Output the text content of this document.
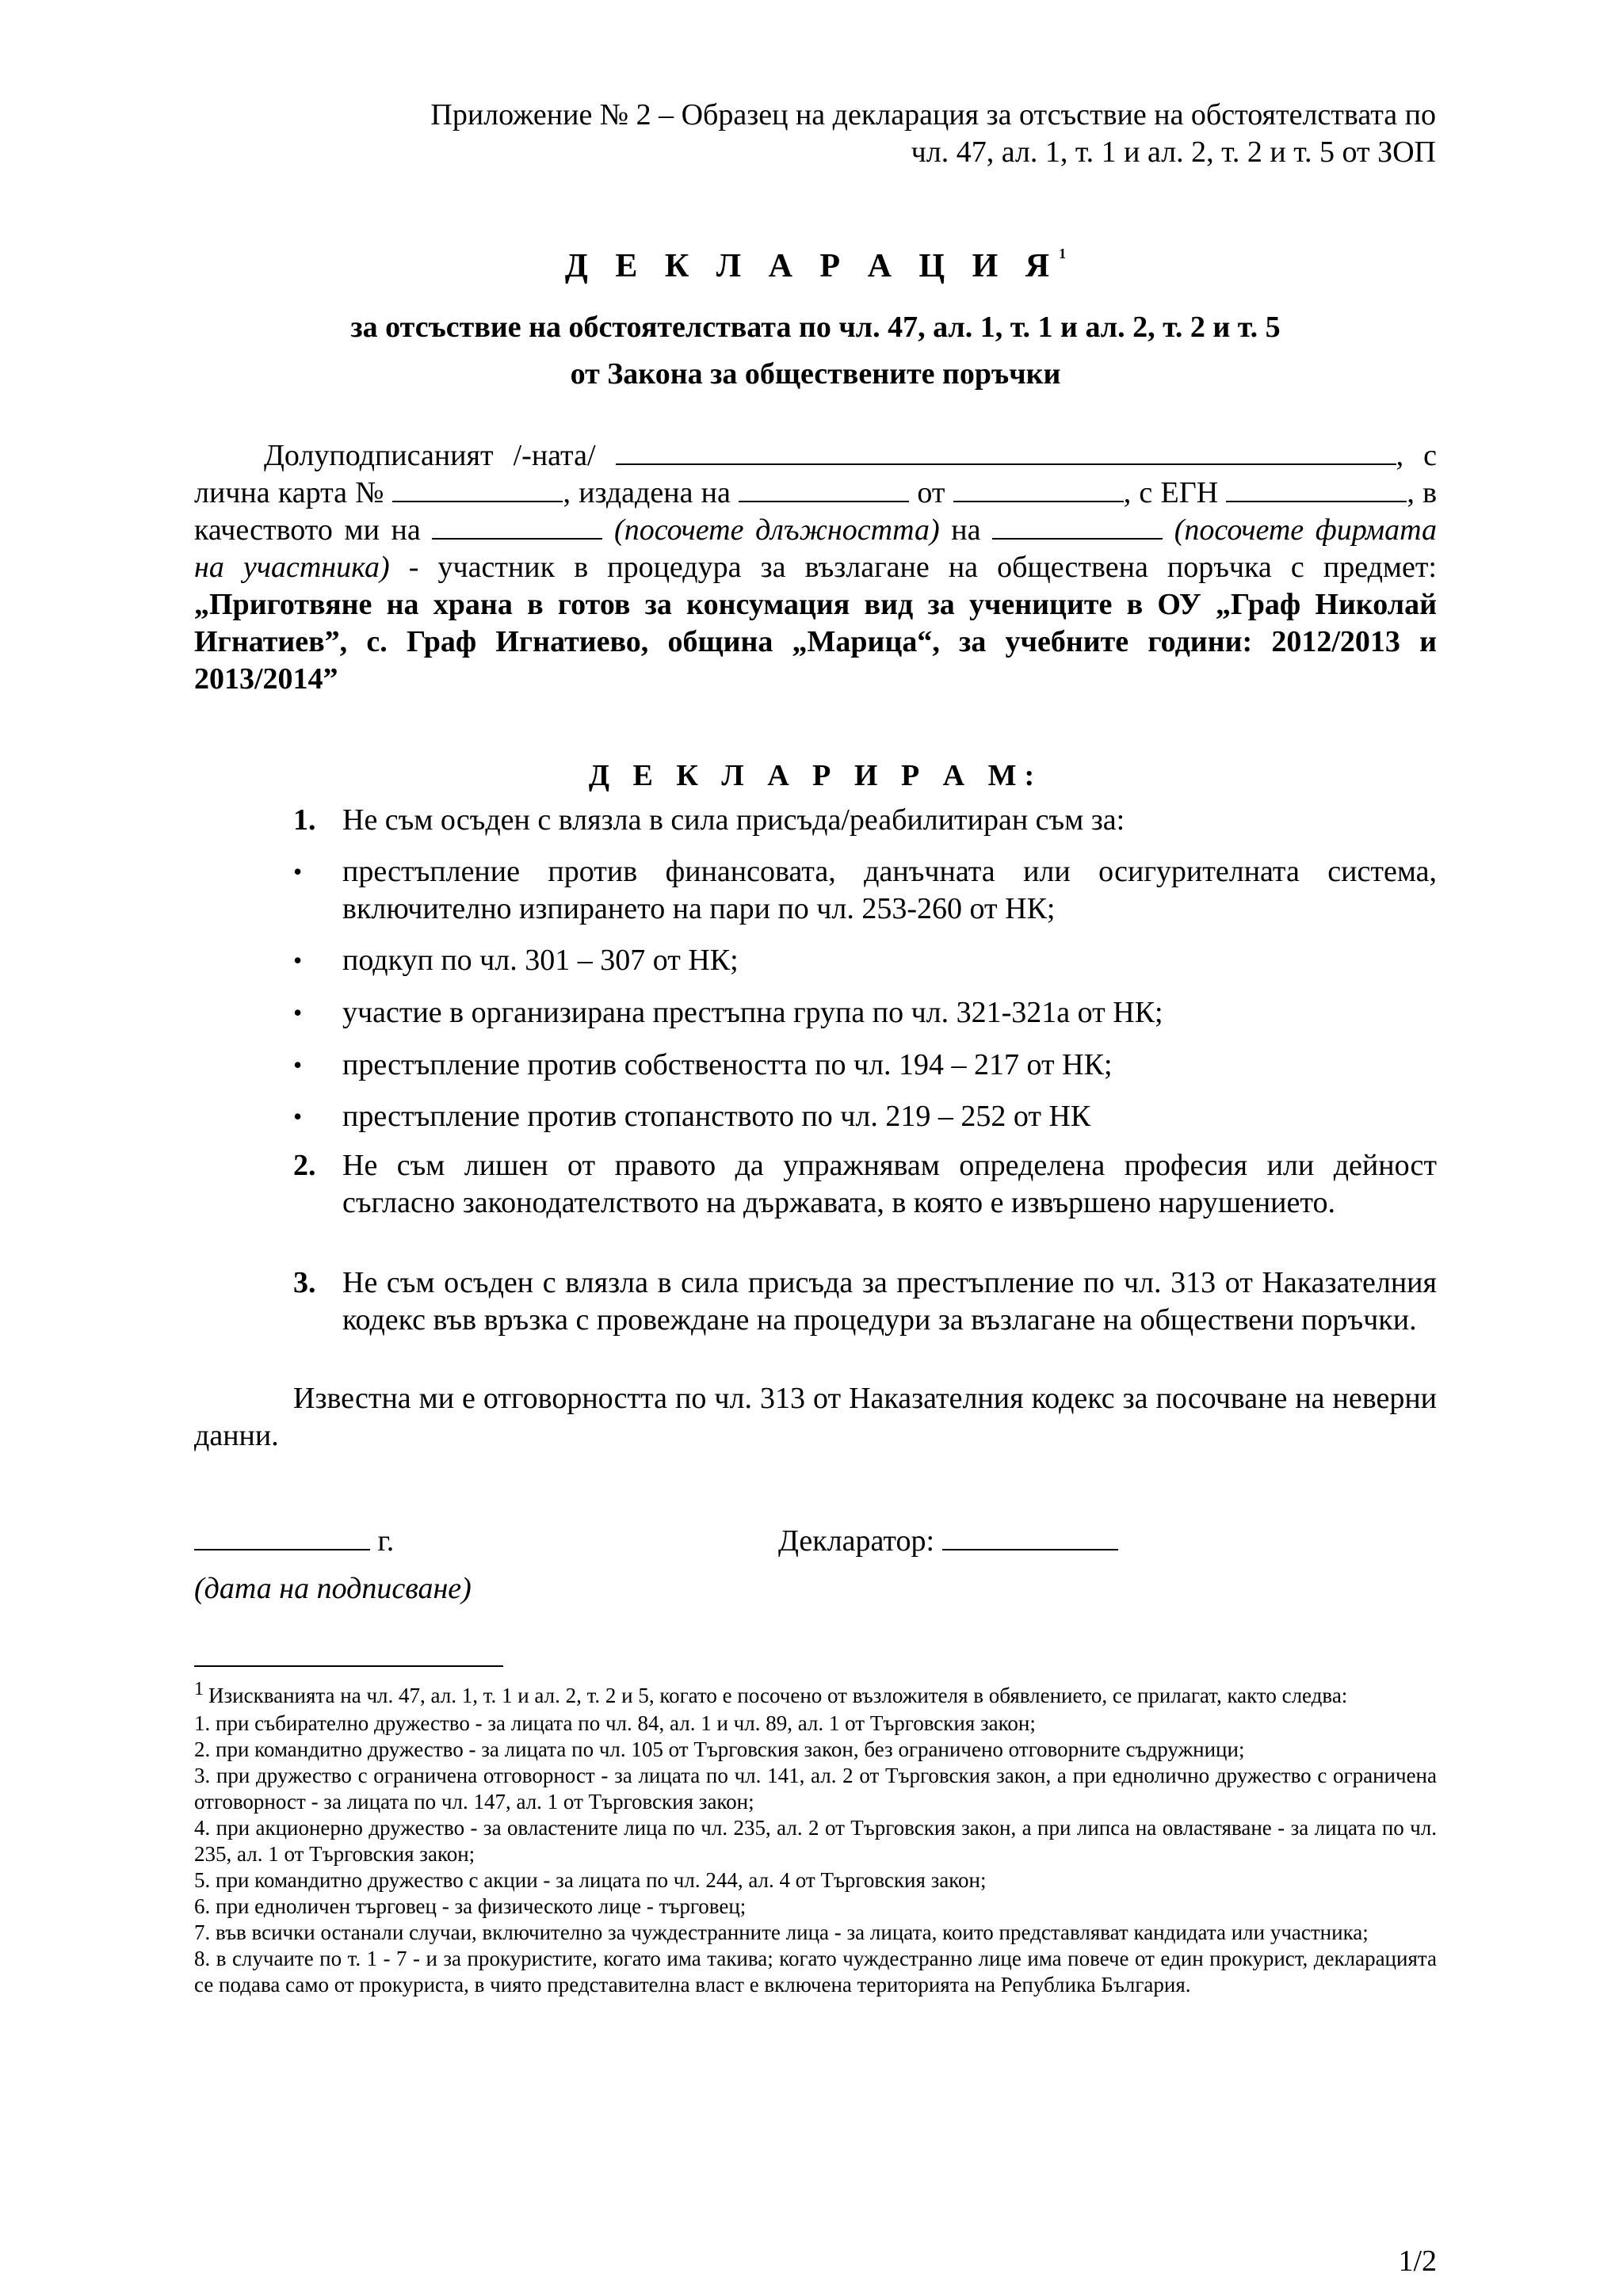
Приложение № 2 – Образец на декларация за отсъствие на обстоятелствата по
чл. 47, ал. 1, т. 1 и ал. 2, т. 2 и т. 5 от ЗОП
Д Е К Л А Р А Ц И $Я^1$
за отсъствие на обстоятелствата по чл. 47, ал. 1, т. 1 и ал. 2, т. 2 и т. 5
от Закона за обществените поръчки
Долуподписаният /-ната/	, с лична карта №	, издадена на	от	, с ЕГН	, в качеството ми на	(посочете длъжността) на	(посочете фирмата на участника) - участник в процедура за възлагане на обществена поръчка с предмет: „Приготвяне на храна в готов за консумация вид за учениците в ОУ „Граф Николай Игнатиев”, с. Граф Игнатиево, община „Марица“, за учебните години: 2012/2013 и 2013/2014”
Д Е К Л А Р И Р А М:
1. Не съм осъден с влязла в сила присъда/реабилитиран съм за:
•	престъпление против финансовата, данъчната или осигурителната система, включително изпирането на пари по чл. 253-260 от НК;
•	подкуп по чл. 301 – 307 от НК;
•	участие в организирана престъпна група по чл. 321-321а от НК;
•	престъпление против собствеността по чл. 194 – 217 от НК;
•	престъпление против стопанството по чл. 219 – 252 от НК
2. Не съм лишен от правото да упражнявам определена професия или дейност съгласно законодателството на държавата, в която е извършено нарушението.
3. Не съм осъден с влязла в сила присъда за престъпление по чл. 313 от Наказателния кодекс във връзка с провеждане на процедури за възлагане на обществени поръчки.
Известна ми е отговорността по чл. 313 от Наказателния кодекс за посочване на неверни данни.
г.	Декларатор:
(дата на подписване)
1 Изискванията на чл. 47, ал. 1, т. 1 и ал. 2, т. 2 и 5, когато е посочено от възложителя в обявлението, се прилагат, както следва:
1. при събирателно дружество - за лицата по чл. 84, ал. 1 и чл. 89, ал. 1 от Търговския закон;
2. при командитно дружество - за лицата по чл. 105 от Търговския закон, без ограничено отговорните съдружници;
3. при дружество с ограничена отговорност - за лицата по чл. 141, ал. 2 от Търговския закон, а при еднолично дружество с ограничена отговорност - за лицата по чл. 147, ал. 1 от Търговския закон;
4. при акционерно дружество - за овластените лица по чл. 235, ал. 2 от Търговския закон, а при липса на овластяване - за лицата по чл. 235, ал. 1 от Търговския закон;
5. при командитно дружество с акции - за лицата по чл. 244, ал. 4 от Търговския закон;
6. при едноличен търговец - за физическото лице - търговец;
7. във всички останали случаи, включително за чуждестранните лица - за лицата, които представляват кандидата или участника;
8. в случаите по т. 1 - 7 - и за прокуристите, когато има такива; когато чуждестранно лице има повече от един прокурист, декларацията се подава само от прокуриста, в чиято представителна власт е включена територията на Република България.
1/2
